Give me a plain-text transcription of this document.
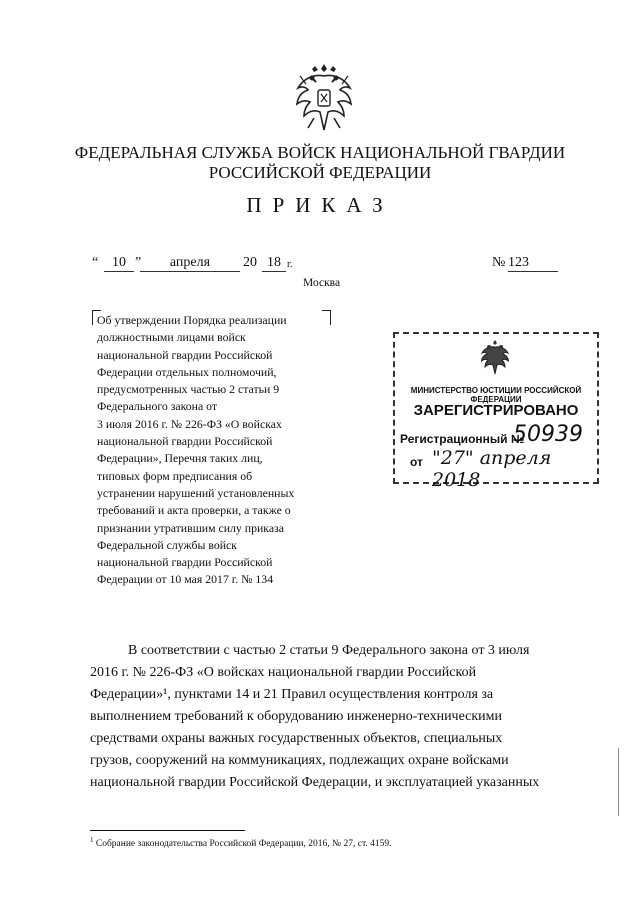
ФЕДЕРАЛЬНАЯ СЛУЖБА ВОЙСК НАЦИОНАЛЬНОЙ ГВАРДИИ
РОССИЙСКОЙ ФЕДЕРАЦИИ
ПРИКАЗ
“ 10 ”	апреля	20 18 г.	№ 123
Москва
Об утверждении Порядка реализации
должностными лицами войск
национальной гвардии Российской
Федерации отдельных полномочий,
предусмотренных частью 2 статьи 9
Федерального закона от
3 июля 2016 г. № 226-ФЗ «О войсках
национальной гвардии Российской
Федерации», Перечня таких лиц,
типовых форм предписания об
устранении нарушений установленных
требований и акта проверки, а также о
признании утратившим силу приказа
Федеральной службы войск
национальной гвардии Российской
Федерации от 10 мая 2017 г. № 134
МИНИСТЕРСТВО ЮСТИЦИИ РОССИЙСКОЙ ФЕДЕРАЦИИ
ЗАРЕГИСТРИРОВАНО
Регистрационный №
50939
от "27" апреля 2018
В соответствии с частью 2 статьи 9 Федерального закона от 3 июля
2016 г. № 226-ФЗ «О войсках национальной гвардии Российской
Федерации»¹, пунктами 14 и 21 Правил осуществления контроля за
выполнением требований к оборудованию инженерно-техническими
средствами охраны важных государственных объектов, специальных
грузов, сооружений на коммуникациях, подлежащих охране войсками
национальной гвардии Российской Федерации, и эксплуатацией указанных
$^1$ Собрание законодательства Российской Федерации, 2016, № 27, ст. 4159.
